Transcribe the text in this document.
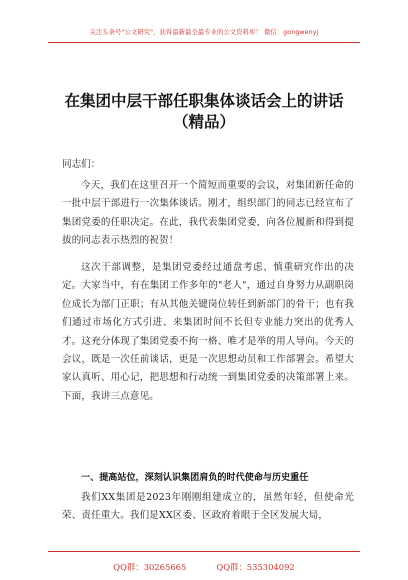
关注头条号"公文研究"，获得最新最全最专业的公文资料库！ 微信：gongwenyj
在集团中层干部任职集体谈话会上的讲话
（精品）
同志们：

今天，我们在这里召开一个简短而重要的会议，对集团新任命的一批中层干部进行一次集体谈话。刚才，组织部门的同志已经宣布了集团党委的任职决定。在此，我代表集团党委，向各位履新和得到提拔的同志表示热烈的祝贺！

这次干部调整，是集团党委经过通盘考虑、慎重研究作出的决定。大家当中，有在集团工作多年的"老人"，通过自身努力从副职岗位成长为部门正职；有从其他关键岗位转任到新部门的骨干；也有我们通过市场化方式引进、来集团时间不长但专业能力突出的优秀人才。这充分体现了集团党委不拘一格、唯才是举的用人导向。今天的会议，既是一次任前谈话，更是一次思想动员和工作部署会。希望大家认真听、用心记，把思想和行动统一到集团党委的决策部署上来。下面，我讲三点意见。

一、提高站位，深刻认识集团肩负的时代使命与历史重任

我们XX集团是2023年刚刚组建成立的，虽然年轻，但使命光荣、责任重大。我们是XX区委、区政府着眼于全区发展大局，

QQ群：30265665	QQ群：535304092
